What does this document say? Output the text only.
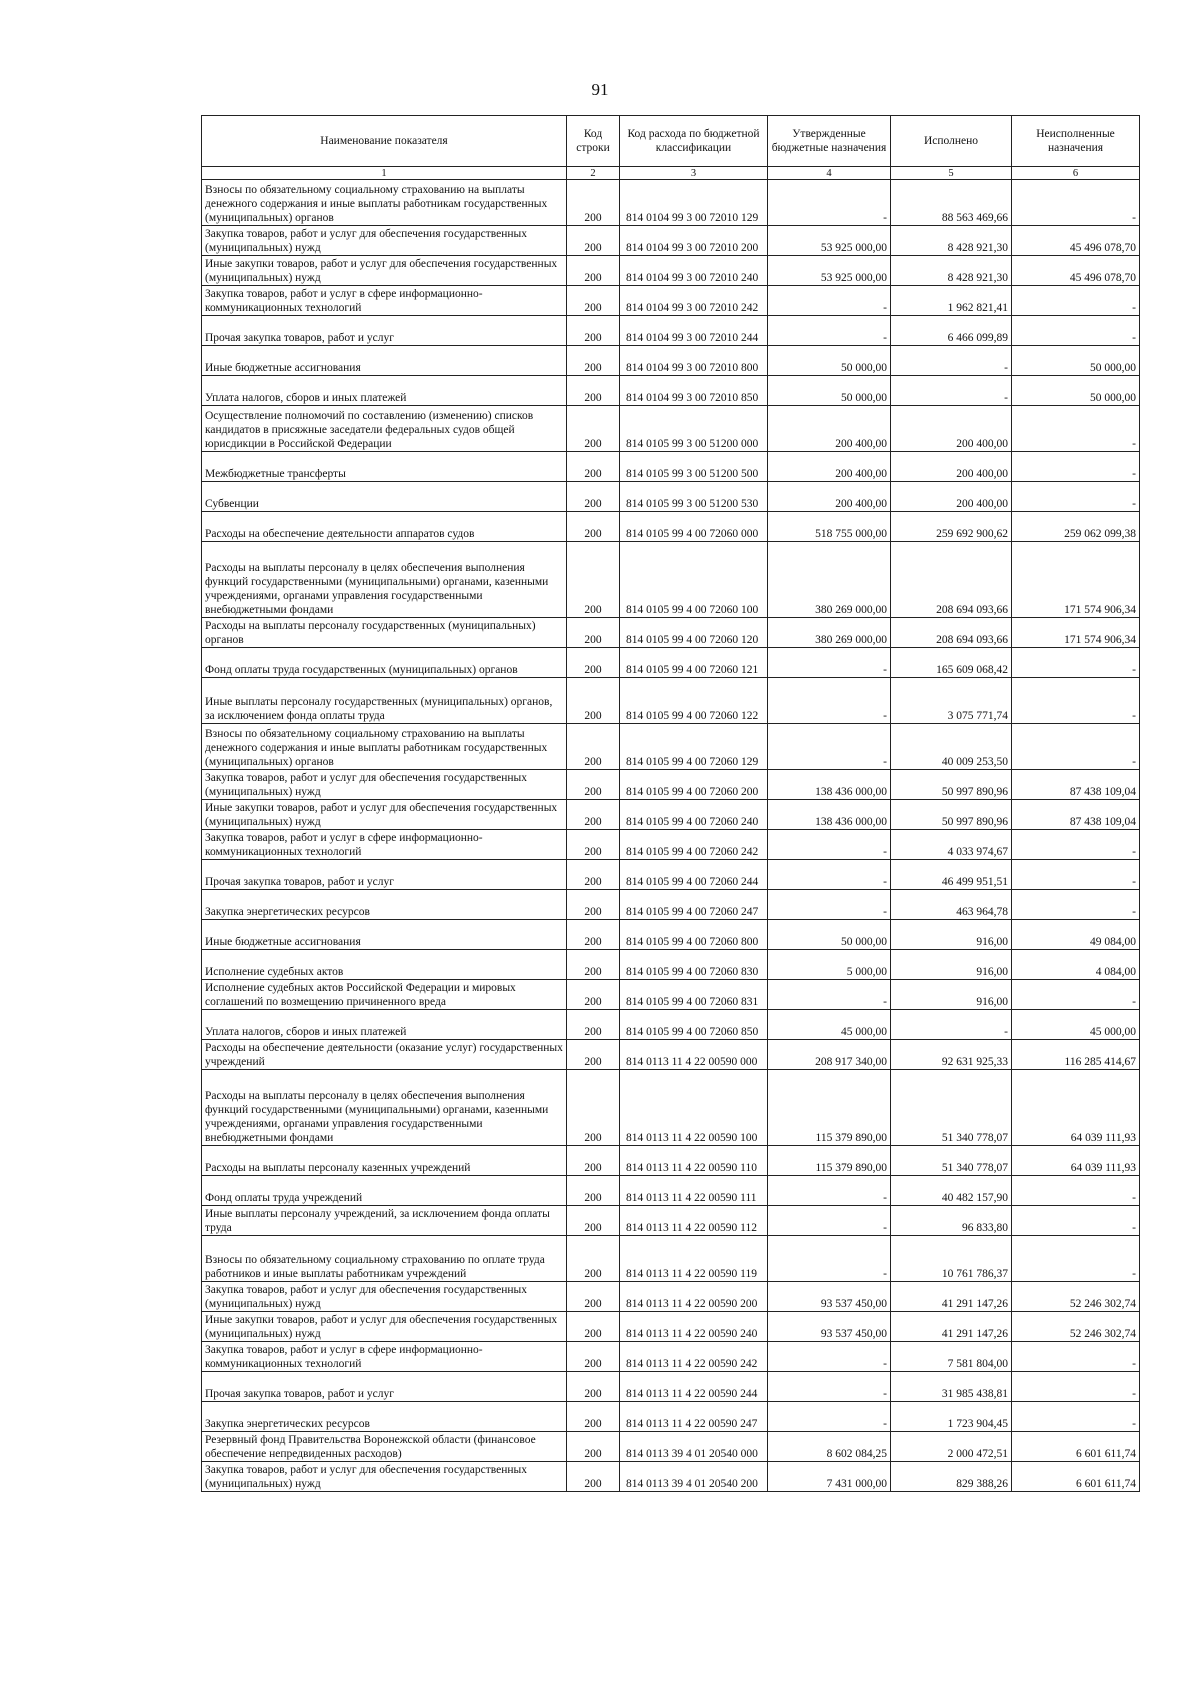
91
Наименование показателя	Код строки	Код расхода по бюджетной классификации	Утвержденные бюджетные назначения	Исполнено	Неисполненные назначения
1	2	3	4	5	6
Взносы по обязательному социальному страхованию на выплаты денежного содержания и иные выплаты работникам государственных (муниципальных) органов	200	814 0104 99 3 00 72010 129	-	88 563 469,66	-
Закупка товаров, работ и услуг для обеспечения государственных (муниципальных) нужд	200	814 0104 99 3 00 72010 200	53 925 000,00	8 428 921,30	45 496 078,70
Иные закупки товаров, работ и услуг для обеспечения государственных (муниципальных) нужд	200	814 0104 99 3 00 72010 240	53 925 000,00	8 428 921,30	45 496 078,70
Закупка товаров, работ и услуг в сфере информационно-коммуникационных технологий	200	814 0104 99 3 00 72010 242	-	1 962 821,41	-
Прочая закупка товаров, работ и услуг	200	814 0104 99 3 00 72010 244	-	6 466 099,89	-
Иные бюджетные ассигнования	200	814 0104 99 3 00 72010 800	50 000,00	-	50 000,00
Уплата налогов, сборов и иных платежей	200	814 0104 99 3 00 72010 850	50 000,00	-	50 000,00
Осуществление полномочий по составлению (изменению) списков кандидатов в присяжные заседатели федеральных судов общей юрисдикции в Российской Федерации	200	814 0105 99 3 00 51200 000	200 400,00	200 400,00	-
Межбюджетные трансферты	200	814 0105 99 3 00 51200 500	200 400,00	200 400,00	-
Субвенции	200	814 0105 99 3 00 51200 530	200 400,00	200 400,00	-
Расходы на обеспечение деятельности аппаратов судов	200	814 0105 99 4 00 72060 000	518 755 000,00	259 692 900,62	259 062 099,38
Расходы на выплаты персоналу в целях обеспечения выполнения функций государственными (муниципальными) органами, казенными учреждениями, органами управления государственными внебюджетными фондами	200	814 0105 99 4 00 72060 100	380 269 000,00	208 694 093,66	171 574 906,34
Расходы на выплаты персоналу государственных (муниципальных) органов	200	814 0105 99 4 00 72060 120	380 269 000,00	208 694 093,66	171 574 906,34
Фонд оплаты труда государственных (муниципальных) органов	200	814 0105 99 4 00 72060 121	-	165 609 068,42	-
Иные выплаты персоналу государственных (муниципальных) органов, за исключением фонда оплаты труда	200	814 0105 99 4 00 72060 122	-	3 075 771,74	-
Взносы по обязательному социальному страхованию на выплаты денежного содержания и иные выплаты работникам государственных (муниципальных) органов	200	814 0105 99 4 00 72060 129	-	40 009 253,50	-
Закупка товаров, работ и услуг для обеспечения государственных (муниципальных) нужд	200	814 0105 99 4 00 72060 200	138 436 000,00	50 997 890,96	87 438 109,04
Иные закупки товаров, работ и услуг для обеспечения государственных (муниципальных) нужд	200	814 0105 99 4 00 72060 240	138 436 000,00	50 997 890,96	87 438 109,04
Закупка товаров, работ и услуг в сфере информационно-коммуникационных технологий	200	814 0105 99 4 00 72060 242	-	4 033 974,67	-
Прочая закупка товаров, работ и услуг	200	814 0105 99 4 00 72060 244	-	46 499 951,51	-
Закупка энергетических ресурсов	200	814 0105 99 4 00 72060 247	-	463 964,78	-
Иные бюджетные ассигнования	200	814 0105 99 4 00 72060 800	50 000,00	916,00	49 084,00
Исполнение судебных актов	200	814 0105 99 4 00 72060 830	5 000,00	916,00	4 084,00
Исполнение судебных актов Российской Федерации и мировых соглашений по возмещению причиненного вреда	200	814 0105 99 4 00 72060 831	-	916,00	-
Уплата налогов, сборов и иных платежей	200	814 0105 99 4 00 72060 850	45 000,00	-	45 000,00
Расходы на обеспечение деятельности (оказание услуг) государственных учреждений	200	814 0113 11 4 22 00590 000	208 917 340,00	92 631 925,33	116 285 414,67
Расходы на выплаты персоналу в целях обеспечения выполнения функций государственными (муниципальными) органами, казенными учреждениями, органами управления государственными внебюджетными фондами	200	814 0113 11 4 22 00590 100	115 379 890,00	51 340 778,07	64 039 111,93
Расходы на выплаты персоналу казенных учреждений	200	814 0113 11 4 22 00590 110	115 379 890,00	51 340 778,07	64 039 111,93
Фонд оплаты труда учреждений	200	814 0113 11 4 22 00590 111	-	40 482 157,90	-
Иные выплаты персоналу учреждений, за исключением фонда оплаты труда	200	814 0113 11 4 22 00590 112	-	96 833,80	-
Взносы по обязательному социальному страхованию по оплате труда работников и иные выплаты работникам учреждений	200	814 0113 11 4 22 00590 119	-	10 761 786,37	-
Закупка товаров, работ и услуг для обеспечения государственных (муниципальных) нужд	200	814 0113 11 4 22 00590 200	93 537 450,00	41 291 147,26	52 246 302,74
Иные закупки товаров, работ и услуг для обеспечения государственных (муниципальных) нужд	200	814 0113 11 4 22 00590 240	93 537 450,00	41 291 147,26	52 246 302,74
Закупка товаров, работ и услуг в сфере информационно-коммуникационных технологий	200	814 0113 11 4 22 00590 242	-	7 581 804,00	-
Прочая закупка товаров, работ и услуг	200	814 0113 11 4 22 00590 244	-	31 985 438,81	-
Закупка энергетических ресурсов	200	814 0113 11 4 22 00590 247	-	1 723 904,45	-
Резервный фонд Правительства Воронежской области (финансовое обеспечение непредвиденных расходов)	200	814 0113 39 4 01 20540 000	8 602 084,25	2 000 472,51	6 601 611,74
Закупка товаров, работ и услуг для обеспечения государственных (муниципальных) нужд	200	814 0113 39 4 01 20540 200	7 431 000,00	829 388,26	6 601 611,74
